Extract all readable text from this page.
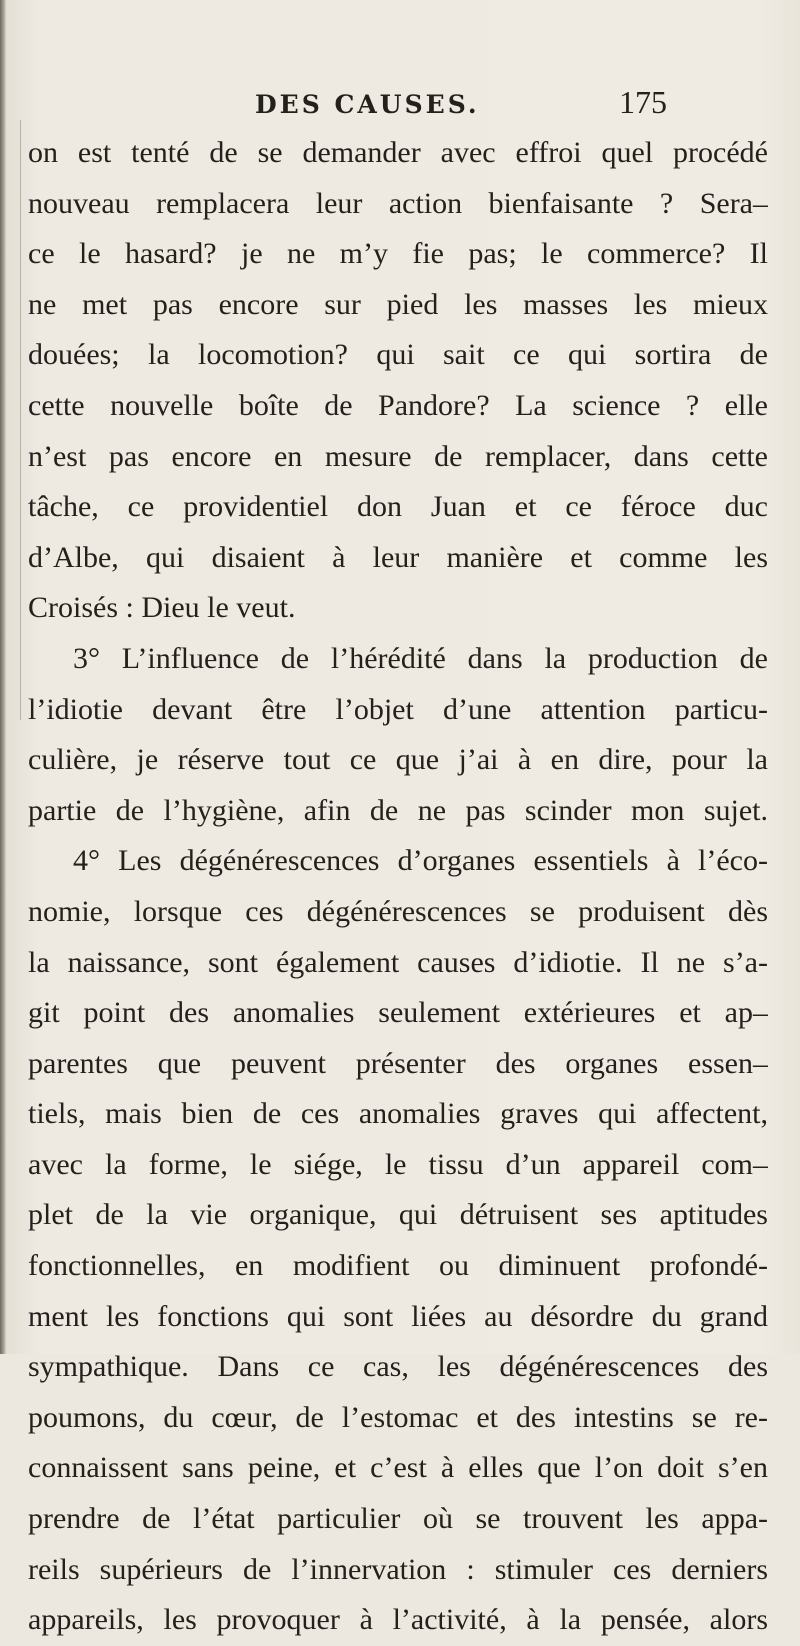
DES CAUSES.	175
on est tenté de se demander avec effroi quel procédé
nouveau remplacera leur action bienfaisante ? Sera–
ce le hasard? je ne m’y fie pas; le commerce? Il
ne met pas encore sur pied les masses les mieux
douées; la locomotion? qui sait ce qui sortira de
cette nouvelle boîte de Pandore? La science ? elle
n’est pas encore en mesure de remplacer, dans cette
tâche, ce providentiel don Juan et ce féroce duc
d’Albe, qui disaient à leur manière et comme les
Croisés : Dieu le veut.
3° L’influence de l’hérédité dans la production de
l’idiotie devant être l’objet d’une attention particu-
culière, je réserve tout ce que j’ai à en dire, pour la
partie de l’hygiène, afin de ne pas scinder mon sujet.
4° Les dégénérescences d’organes essentiels à l’éco-
nomie, lorsque ces dégénérescences se produisent dès
la naissance, sont également causes d’idiotie. Il ne s’a-
git point des anomalies seulement extérieures et ap–
parentes que peuvent présenter des organes essen–
tiels, mais bien de ces anomalies graves qui affectent,
avec la forme, le siége, le tissu d’un appareil com–
plet de la vie organique, qui détruisent ses aptitudes
fonctionnelles, en modifient ou diminuent profondé-
ment les fonctions qui sont liées au désordre du grand
sympathique. Dans ce cas, les dégénérescences des
poumons, du cœur, de l’estomac et des intestins se re-
connaissent sans peine, et c’est à elles que l’on doit s’en
prendre de l’état particulier où se trouvent les appa-
reils supérieurs de l’innervation : stimuler ces derniers
appareils, les provoquer à l’activité, à la pensée, alors
